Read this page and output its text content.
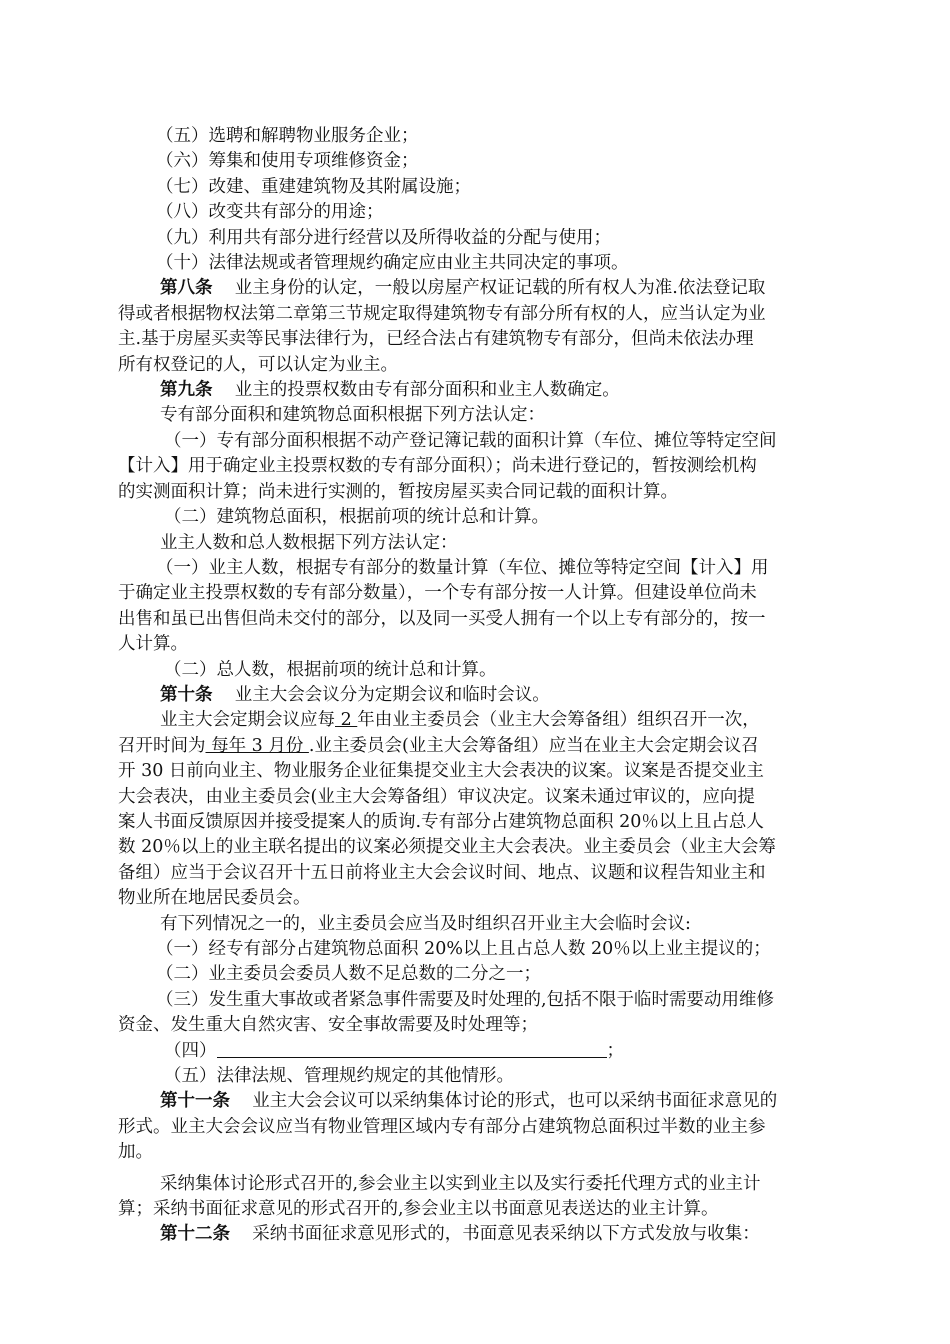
（五）选聘和解聘物业服务企业；

（六）筹集和使用专项维修资金；

（七）改建、重建建筑物及其附属设施；

（八）改变共有部分的用途；

（九）利用共有部分进行经营以及所得收益的分配与使用；

（十）法律法规或者管理规约确定应由业主共同决定的事项。

第八条 业主身份的认定，一般以房屋产权证记载的所有权人为准.依法登记取

得或者根据物权法第二章第三节规定取得建筑物专有部分所有权的人，应当认定为业

主.基于房屋买卖等民事法律行为，已经合法占有建筑物专有部分，但尚未依法办理

所有权登记的人，可以认定为业主。

第九条 业主的投票权数由专有部分面积和业主人数确定。

专有部分面积和建筑物总面积根据下列方法认定：

（一）专有部分面积根据不动产登记簿记载的面积计算（车位、摊位等特定空间

【计入】用于确定业主投票权数的专有部分面积）；尚未进行登记的，暂按测绘机构

的实测面积计算；尚未进行实测的，暂按房屋买卖合同记载的面积计算。

（二）建筑物总面积，根据前项的统计总和计算。

业主人数和总人数根据下列方法认定：

（一）业主人数，根据专有部分的数量计算（车位、摊位等特定空间【计入】用

于确定业主投票权数的专有部分数量），一个专有部分按一人计算。但建设单位尚未

出售和虽已出售但尚未交付的部分，以及同一买受人拥有一个以上专有部分的，按一

人计算。

（二）总人数，根据前项的统计总和计算。

第十条 业主大会会议分为定期会议和临时会议。

业主大会定期会议应每 2 年由业主委员会（业主大会筹备组）组织召开一次，

召开时间为 每年 3 月份 .业主委员会(业主大会筹备组）应当在业主大会定期会议召

开 30 日前向业主、物业服务企业征集提交业主大会表决的议案。议案是否提交业主

大会表决，由业主委员会(业主大会筹备组）审议决定。议案未通过审议的，应向提

案人书面反馈原因并接受提案人的质询.专有部分占建筑物总面积 20％以上且占总人

数 20％以上的业主联名提出的议案必须提交业主大会表决。业主委员会（业主大会筹

备组）应当于会议召开十五日前将业主大会会议时间、地点、议题和议程告知业主和

物业所在地居民委员会。

有下列情况之一的，业主委员会应当及时组织召开业主大会临时会议:

（一）经专有部分占建筑物总面积 20%以上且占总人数 20％以上业主提议的；

（二）业主委员会委员人数不足总数的二分之一；

（三）发生重大事故或者紧急事件需要及时处理的,包括不限于临时需要动用维修

资金、发生重大自然灾害、安全事故需要及时处理等；

（四）	；

（五）法律法规、管理规约规定的其他情形。

第十一条 业主大会会议可以采纳集体讨论的形式，也可以采纳书面征求意见的

形式。业主大会会议应当有物业管理区域内专有部分占建筑物总面积过半数的业主参

加。

采纳集体讨论形式召开的,参会业主以实到业主以及实行委托代理方式的业主计

算；采纳书面征求意见的形式召开的,参会业主以书面意见表送达的业主计算。

第十二条 采纳书面征求意见形式的，书面意见表采纳以下方式发放与收集：
